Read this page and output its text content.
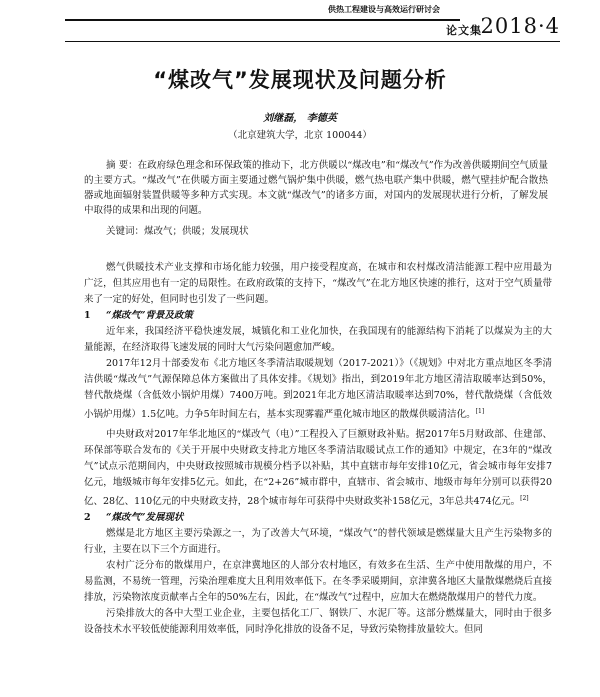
供热工程建设与高效运行研讨会
论文集
2018·4
“煤改气”发展现状及问题分析
刘继磊， 李德英
（北京建筑大学，北京 100044）
摘 要：在政府绿色理念和环保政策的推动下，北方供暖以“煤改电”和“煤改气”作为改善供暖期间空气质量的主要方式。“煤改气”在供暖方面主要通过燃气锅炉集中供暖，燃气热电联产集中供暖，燃气壁挂炉配合散热器或地面辐射装置供暖等多种方式实现。本文就“煤改气”的诸多方面，对国内的发展现状进行分析，了解发展中取得的成果和出现的问题。
关键词：煤改气；供暖；发展现状

燃气供暖技术产业支撑和市场化能力较强，用户接受程度高，在城市和农村煤改清洁能源工程中应用最为广泛，但其应用也有一定的局限性。在政府政策的支持下，“煤改气”在北方地区快速的推行，这对于空气质量带来了一定的好处，但同时也引发了一些问题。

1 “煤改气”背景及政策

近年来，我国经济平稳快速发展，城镇化和工业化加快，在我国现有的能源结构下消耗了以煤炭为主的大量能源，在经济取得飞速发展的同时大气污染问题愈加严峻。

2017年12月十部委发布《北方地区冬季清洁取暖规划（2017-2021）》（《规划》中对北方重点地区冬季清洁供暖“煤改气”气源保障总体方案做出了具体安排。《规划》指出，到2019年北方地区清洁取暖率达到50%，替代散烧煤（含低效小锅炉用煤）7400万吨。到2021年北方地区清洁取暖率达到70%，替代散烧煤（含低效小锅炉用煤）1.5亿吨。力争5年时间左右，基本实现雾霾严重化城市地区的散煤供暖清洁化。[1]

中央财政对2017年华北地区的“煤改气（电）”工程投入了巨额财政补贴。据2017年5月财政部、住建部、环保部等联合发布的《关于开展中央财政支持北方地区冬季清洁取暖试点工作的通知》中规定，在3年的“煤改气”试点示范期间内，中央财政按照城市规模分档予以补贴，其中直辖市每年安排10亿元，省会城市每年安排7亿元，地级城市每年安排5亿元。如此，在“2+26”城市群中，直辖市、省会城市、地级市每年分别可以获得20亿、28亿、110亿元的中央财政支持，28个城市每年可获得中央财政奖补158亿元，3年总共474亿元。[2]

2 “煤改气”发展现状

燃煤是北方地区主要污染源之一，为了改善大气环境，“煤改气”的替代领域是燃煤量大且产生污染物多的行业，主要在以下三个方面进行。

农村广泛分布的散煤用户，在京津冀地区的人部分农村地区，有效多在生活、生产中使用散煤的用户，不易监测，不易统一管理，污染治理难度大且利用效率低下。在冬季采暖期间，京津冀各地区大量散煤燃烧后直接排放，污染物浓度贡献率占全年的50%左右，因此，在“煤改气”过程中，应加大在燃烧散煤用户的替代力度。

污染排放大的各中大型工业企业，主要包括化工厂、钢铁厂、水泥厂等。这部分燃煤量大，同时由于很多设备技术水平较低使能源利用效率低，同时净化排放的设备不足，导致污染物排放量较大。但同
